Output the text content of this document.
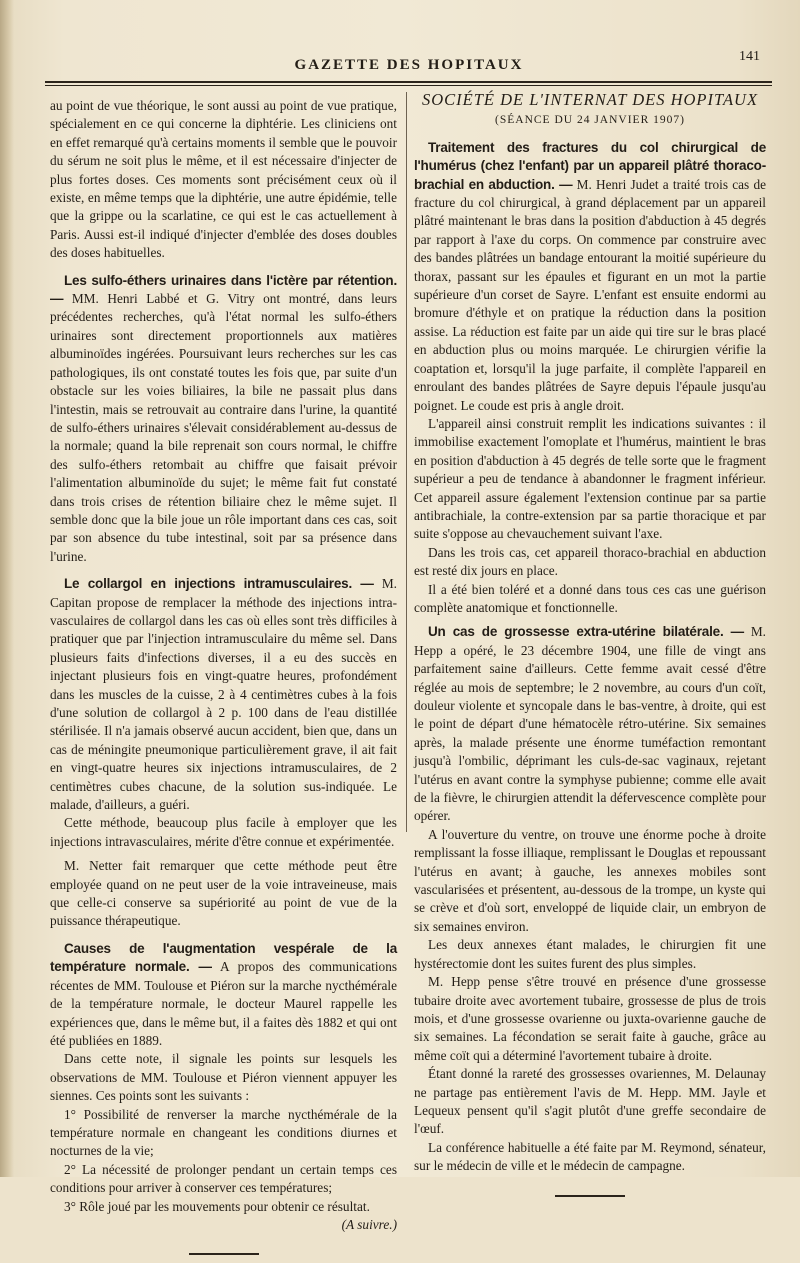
GAZETTE DES HOPITAUX
141

au point de vue théorique, le sont aussi au point de vue pratique, spécialement en ce qui concerne la diphtérie. Les cliniciens ont en effet remarqué qu'à certains moments il semble que le pouvoir du sérum ne soit plus le même, et il est nécessaire d'injecter de plus fortes doses. Ces moments sont précisément ceux où il existe, en même temps que la diphtérie, une autre épidémie, telle que la grippe ou la scarlatine, ce qui est le cas actuellement à Paris. Aussi est-il indiqué d'injecter d'emblée des doses doubles des doses habituelles.

Les sulfo-éthers urinaires dans l'ictère par rétention. — MM. Henri Labbé et G. Vitry ont montré, dans leurs précédentes recherches, qu'à l'état normal les sulfo-éthers urinaires sont directement proportionnels aux matières albuminoïdes ingérées. Poursuivant leurs recherches sur les cas pathologiques, ils ont constaté toutes les fois que, par suite d'un obstacle sur les voies biliaires, la bile ne passait plus dans l'intestin, mais se retrouvait au contraire dans l'urine, la quantité de sulfo-éthers urinaires s'élevait considérablement au-dessus de la normale; quand la bile reprenait son cours normal, le chiffre des sulfo-éthers retombait au chiffre que faisait prévoir l'alimentation albuminoïde du sujet; le même fait fut constaté dans trois crises de rétention biliaire chez le même sujet. Il semble donc que la bile joue un rôle important dans ces cas, soit par son absence du tube intestinal, soit par sa présence dans l'urine.

Le collargol en injections intramusculaires. — M. Capitan propose de remplacer la méthode des injections intra-vasculaires de collargol dans les cas où elles sont très difficiles à pratiquer que par l'injection intramusculaire du même sel. Dans plusieurs faits d'infections diverses, il a eu des succès en injectant plusieurs fois en vingt-quatre heures, profondément dans les muscles de la cuisse, 2 à 4 centimètres cubes à la fois d'une solution de collargol à 2 p. 100 dans de l'eau distillée stérilisée. Il n'a jamais observé aucun accident, bien que, dans un cas de méningite pneumonique particulièrement grave, il ait fait en vingt-quatre heures six injections intramusculaires, de 2 centimètres cubes chacune, de la solution sus-indiquée. Le malade, d'ailleurs, a guéri.

Cette méthode, beaucoup plus facile à employer que les injections intravasculaires, mérite d'être connue et expérimentée.

M. Netter fait remarquer que cette méthode peut être employée quand on ne peut user de la voie intraveineuse, mais que celle-ci conserve sa supériorité au point de vue de la puissance thérapeutique.

Causes de l'augmentation vespérale de la température normale. — A propos des communications récentes de MM. Toulouse et Piéron sur la marche nycthémérale de la température normale, le docteur Maurel rappelle les expériences que, dans le même but, il a faites dès 1882 et qui ont été publiées en 1889.

Dans cette note, il signale les points sur lesquels les observations de MM. Toulouse et Piéron viennent appuyer les siennes. Ces points sont les suivants :

1° Possibilité de renverser la marche nycthémérale de la température normale en changeant les conditions diurnes et nocturnes de la vie;

2° La nécessité de prolonger pendant un certain temps ces conditions pour arriver à conserver ces températures;

3° Rôle joué par les mouvements pour obtenir ce résultat.

(A suivre.)

SOCIÉTÉ DE L'INTERNAT DES HOPITAUX

(SÉANCE DU 24 JANVIER 1907)

Traitement des fractures du col chirurgical de l'humérus (chez l'enfant) par un appareil plâtré thoraco-brachial en abduction. — M. Henri Judet a traité trois cas de fracture du col chirurgical, à grand déplacement par un appareil plâtré maintenant le bras dans la position d'abduction à 45 degrés par rapport à l'axe du corps. On commence par construire avec des bandes plâtrées un bandage entourant la moitié supérieure du thorax, passant sur les épaules et figurant en un mot la partie supérieure d'un corset de Sayre. L'enfant est ensuite endormi au bromure d'éthyle et on pratique la réduction dans la position assise. La réduction est faite par un aide qui tire sur le bras placé en abduction plus ou moins marquée. Le chirurgien vérifie la coaptation et, lorsqu'il la juge parfaite, il complète l'appareil en enroulant des bandes plâtrées de Sayre depuis l'épaule jusqu'au poignet. Le coude est pris à angle droit.

L'appareil ainsi construit remplit les indications suivantes : il immobilise exactement l'omoplate et l'humérus, maintient le bras en position d'abduction à 45 degrés de telle sorte que le fragment supérieur a peu de tendance à abandonner le fragment inférieur. Cet appareil assure également l'extension continue par sa partie antibrachiale, la contre-extension par sa partie thoracique et par suite s'oppose au chevauchement suivant l'axe.

Dans les trois cas, cet appareil thoraco-brachial en abduction est resté dix jours en place.

Il a été bien toléré et a donné dans tous ces cas une guérison complète anatomique et fonctionnelle.

Un cas de grossesse extra-utérine bilatérale. — M. Hepp a opéré, le 23 décembre 1904, une fille de vingt ans parfaitement saine d'ailleurs. Cette femme avait cessé d'être réglée au mois de septembre; le 2 novembre, au cours d'un coït, douleur violente et syncopale dans le bas-ventre, à droite, qui est le point de départ d'une hématocèle rétro-utérine. Six semaines après, la malade présente une énorme tuméfaction remontant jusqu'à l'ombilic, déprimant les culs-de-sac vaginaux, rejetant l'utérus en avant contre la symphyse pubienne; comme elle avait de la fièvre, le chirurgien attendit la défervescence complète pour opérer.

A l'ouverture du ventre, on trouve une énorme poche à droite remplissant la fosse illiaque, remplissant le Douglas et repoussant l'utérus en avant; à gauche, les annexes mobiles sont vascularisées et présentent, au-dessous de la trompe, un kyste qui se crève et d'où sort, enveloppé de liquide clair, un embryon de six semaines environ.

Les deux annexes étant malades, le chirurgien fit une hystérectomie dont les suites furent des plus simples.

M. Hepp pense s'être trouvé en présence d'une grossesse tubaire droite avec avortement tubaire, grossesse de plus de trois mois, et d'une grossesse ovarienne ou juxta-ovarienne gauche de six semaines. La fécondation se serait faite à gauche, grâce au même coït qui a déterminé l'avortement tubaire à droite.

Étant donné la rareté des grossesses ovariennes, M. Delaunay ne partage pas entièrement l'avis de M. Hepp. MM. Jayle et Lequeux pensent qu'il s'agit plutôt d'une greffe secondaire de l'œuf.

La conférence habituelle a été faite par M. Reymond, sénateur, sur le médecin de ville et le médecin de campagne.
